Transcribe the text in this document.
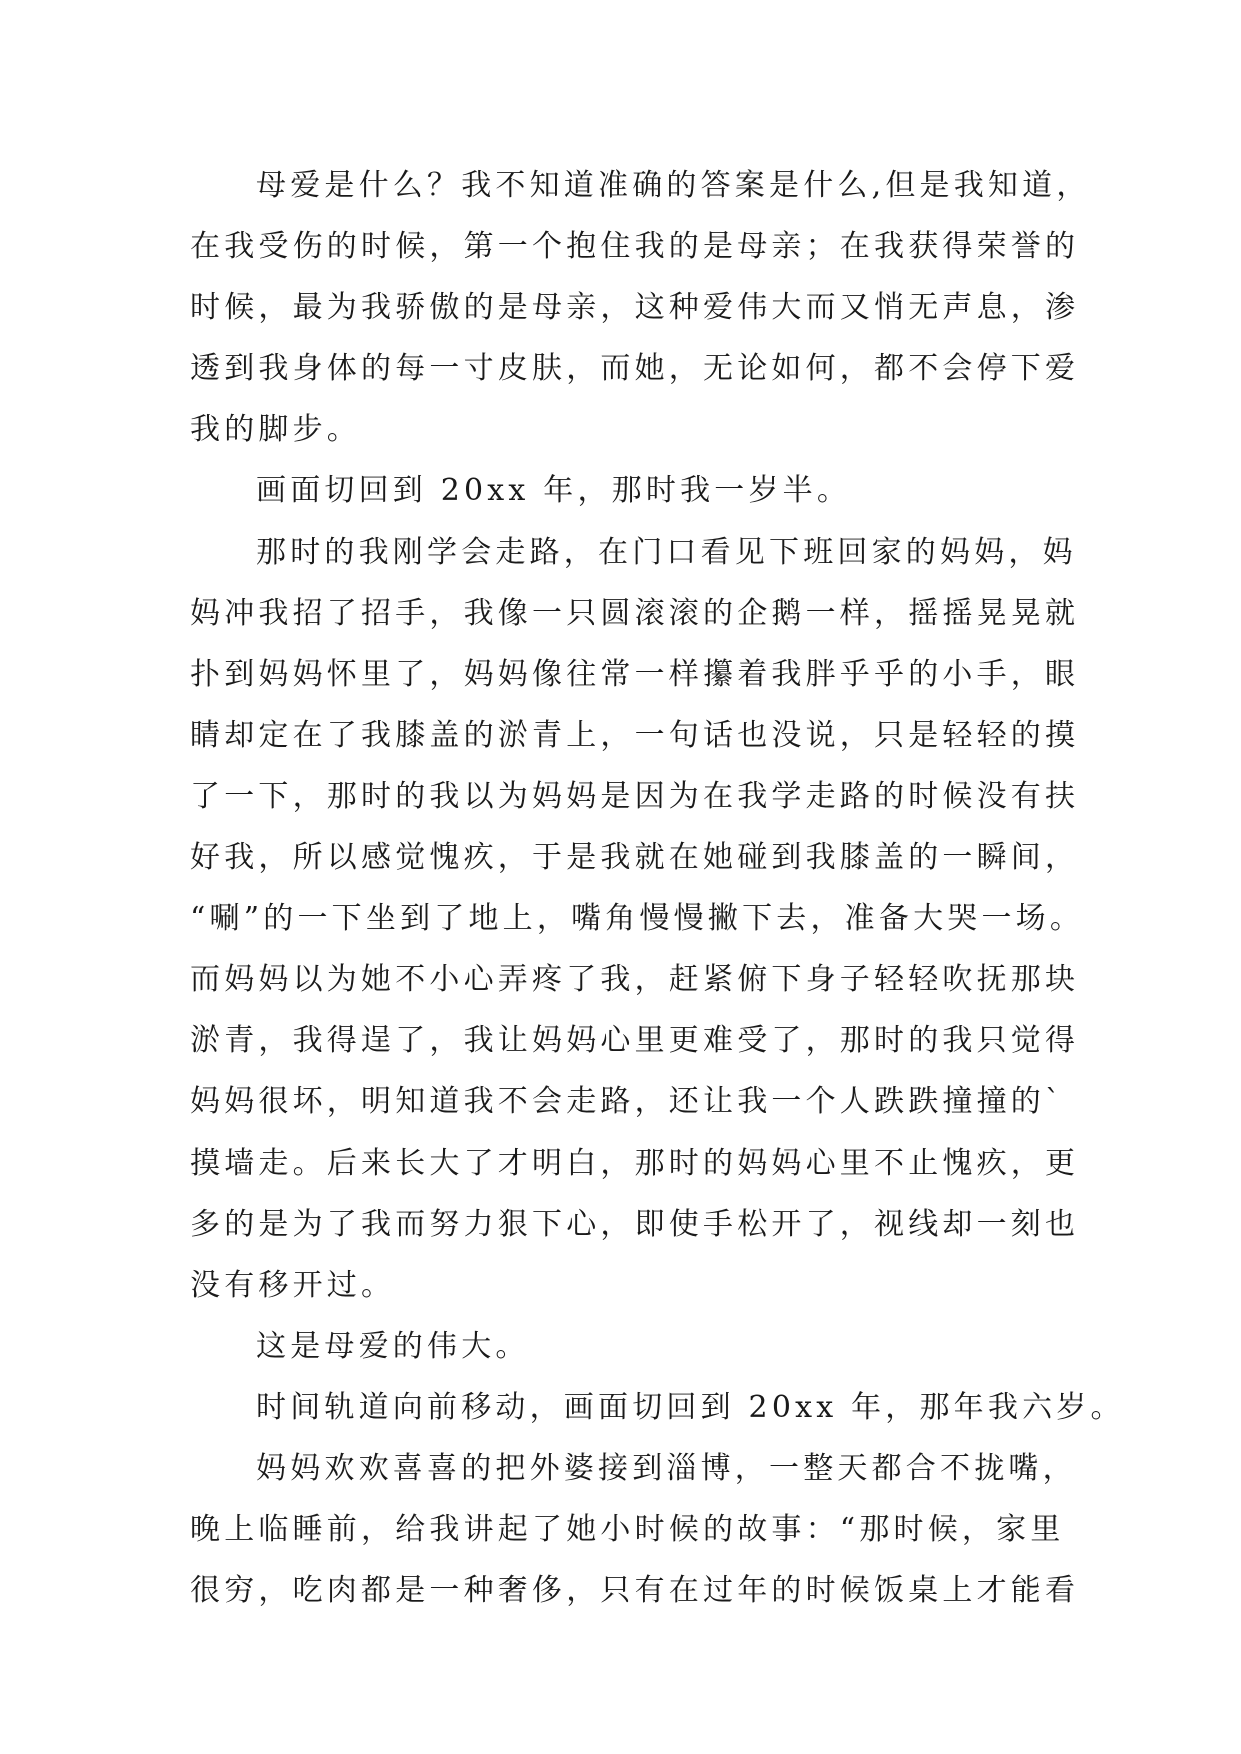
母爱是什么？我不知道准确的答案是什么,但是我知道，
在我受伤的时候，第一个抱住我的是母亲；在我获得荣誉的
时候，最为我骄傲的是母亲，这种爱伟大而又悄无声息，渗
透到我身体的每一寸皮肤，而她，无论如何，都不会停下爱
我的脚步。
画面切回到 20xx 年，那时我一岁半。
那时的我刚学会走路，在门口看见下班回家的妈妈，妈
妈冲我招了招手，我像一只圆滚滚的企鹅一样，摇摇晃晃就
扑到妈妈怀里了，妈妈像往常一样攥着我胖乎乎的小手，眼
睛却定在了我膝盖的淤青上，一句话也没说，只是轻轻的摸
了一下，那时的我以为妈妈是因为在我学走路的时候没有扶
好我，所以感觉愧疚，于是我就在她碰到我膝盖的一瞬间，
“唰”的一下坐到了地上，嘴角慢慢撇下去，准备大哭一场。
而妈妈以为她不小心弄疼了我，赶紧俯下身子轻轻吹抚那块
淤青，我得逞了，我让妈妈心里更难受了，那时的我只觉得
妈妈很坏，明知道我不会走路，还让我一个人跌跌撞撞的`
摸墙走。后来长大了才明白，那时的妈妈心里不止愧疚，更
多的是为了我而努力狠下心，即使手松开了，视线却一刻也
没有移开过。
这是母爱的伟大。
时间轨道向前移动，画面切回到 20xx 年，那年我六岁。
妈妈欢欢喜喜的把外婆接到淄博，一整天都合不拢嘴，
晚上临睡前，给我讲起了她小时候的故事：“那时候，家里
很穷，吃肉都是一种奢侈，只有在过年的时候饭桌上才能看
